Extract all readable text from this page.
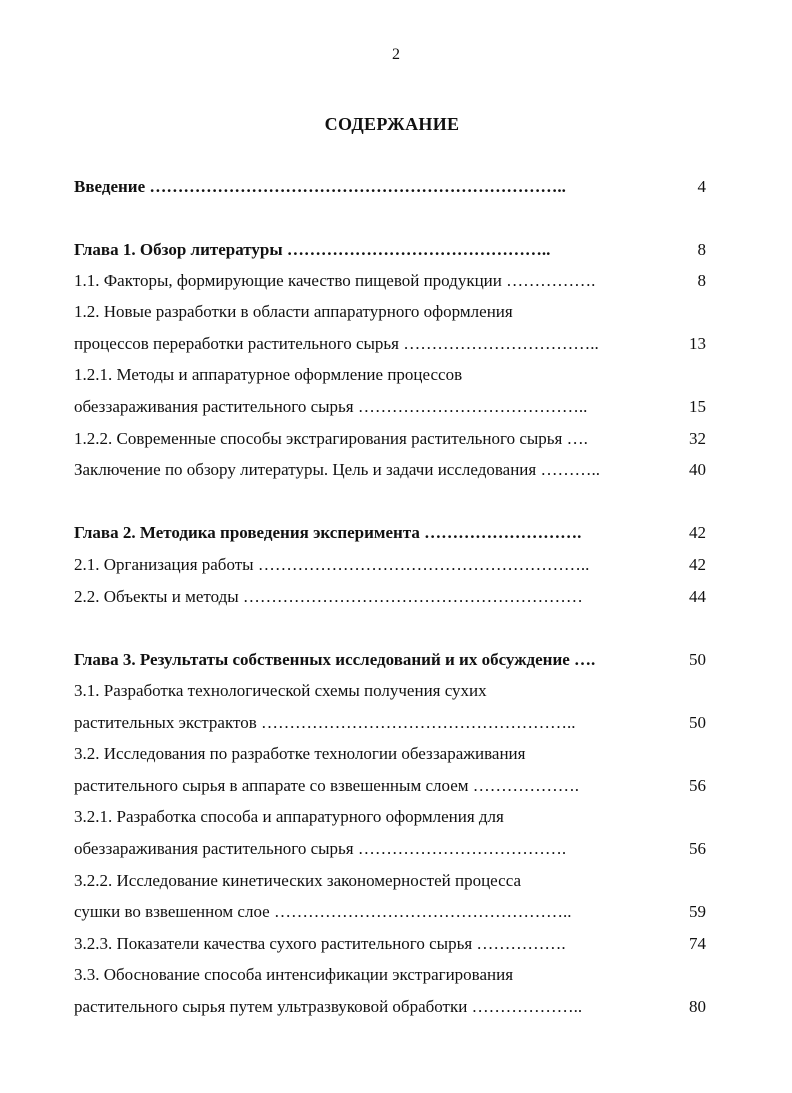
2
СОДЕРЖАНИЕ
Введение ………………………………………………………………..	4
Глава 1. Обзор литературы ………………………………………..	8
1.1. Факторы, формирующие качество пищевой продукции …………….	8
1.2. Новые разработки в области аппаратурного оформления
процессов переработки растительного сырья ……………………………..	13
1.2.1. Методы и аппаратурное оформление процессов
обеззараживания растительного сырья …………………………………..	15
1.2.2. Современные способы экстрагирования растительного сырья ….	32
Заключение по обзору литературы. Цель и задачи исследования ………..	40
Глава 2. Методика проведения эксперимента ……………………….	42
2.1. Организация работы …………………………………………………..	42
2.2. Объекты и методы ……………………………………………………	44
Глава 3. Результаты собственных исследований и их обсуждение ….	50
3.1. Разработка технологической схемы получения сухих
растительных экстрактов ………………………………………………..	50
3.2. Исследования по разработке технологии обеззараживания
растительного сырья в аппарате со взвешенным слоем ……………….	56
3.2.1. Разработка способа и аппаратурного оформления для
обеззараживания растительного сырья ……………………………….	56
3.2.2. Исследование кинетических закономерностей процесса
сушки во взвешенном слое ……………………………………………..	59
3.2.3. Показатели качества сухого растительного сырья …………….	74
3.3. Обоснование способа интенсификации экстрагирования
растительного сырья путем ультразвуковой обработки ………………..	80
